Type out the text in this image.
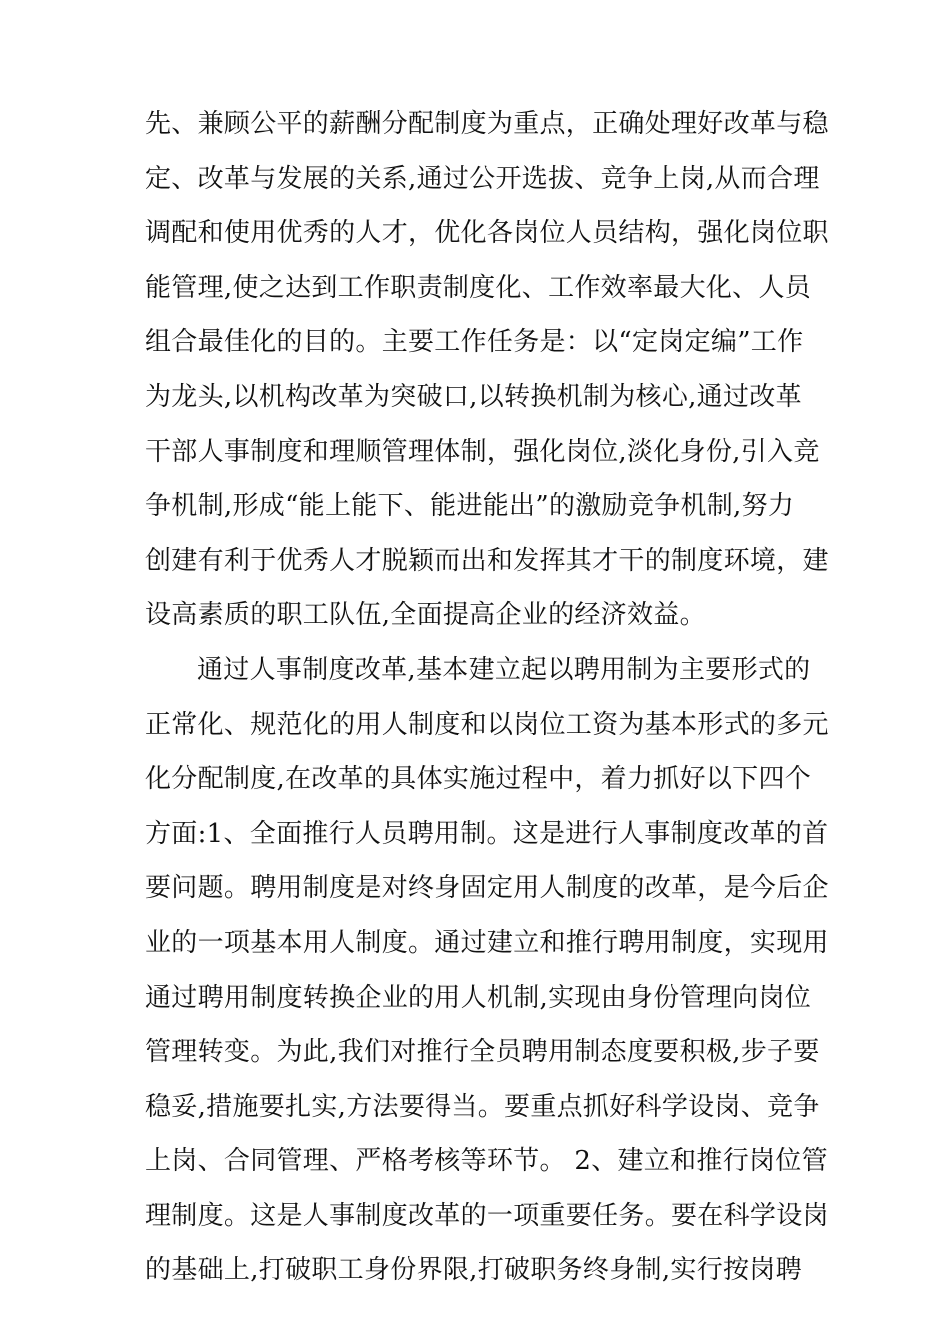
先、兼顾公平的薪酬分配制度为重点，正确处理好改革与稳
定、改革与发展的关系,通过公开选拔、竞争上岗,从而合理
调配和使用优秀的人才，优化各岗位人员结构，强化岗位职
能管理,使之达到工作职责制度化、工作效率最大化、人员
组合最佳化的目的。主要工作任务是：以“定岗定编”工作
为龙头,以机构改革为突破口,以转换机制为核心,通过改革
干部人事制度和理顺管理体制，强化岗位,淡化身份,引入竞
争机制,形成“能上能下、能进能出”的激励竞争机制,努力
创建有利于优秀人才脱颖而出和发挥其才干的制度环境，建
设高素质的职工队伍,全面提高企业的经济效益。
通过人事制度改革,基本建立起以聘用制为主要形式的
正常化、规范化的用人制度和以岗位工资为基本形式的多元
化分配制度,在改革的具体实施过程中，着力抓好以下四个
方面:1、全面推行人员聘用制。这是进行人事制度改革的首
要问题。聘用制度是对终身固定用人制度的改革，是今后企
业的一项基本用人制度。通过建立和推行聘用制度，实现用
通过聘用制度转换企业的用人机制,实现由身份管理向岗位
管理转变。为此,我们对推行全员聘用制态度要积极,步子要
稳妥,措施要扎实,方法要得当。要重点抓好科学设岗、竞争
上岗、合同管理、严格考核等环节。 2、建立和推行岗位管
理制度。这是人事制度改革的一项重要任务。要在科学设岗
的基础上,打破职工身份界限,打破职务终身制,实行按岗聘
